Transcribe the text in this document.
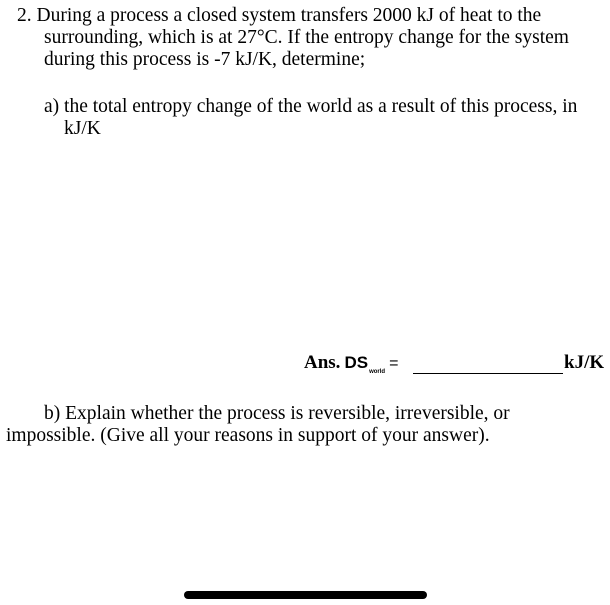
2. During a process a closed system transfers 2000 kJ of heat to the
surrounding, which is at 27°C. If the entropy change for the system
during this process is -7 kJ/K, determine;
a) the total entropy change of the world as a result of this process, in
kJ/K
Ans. $DS_{world}$ =	kJ/K
b) Explain whether the process is reversible, irreversible, or
impossible. (Give all your reasons in support of your answer).
